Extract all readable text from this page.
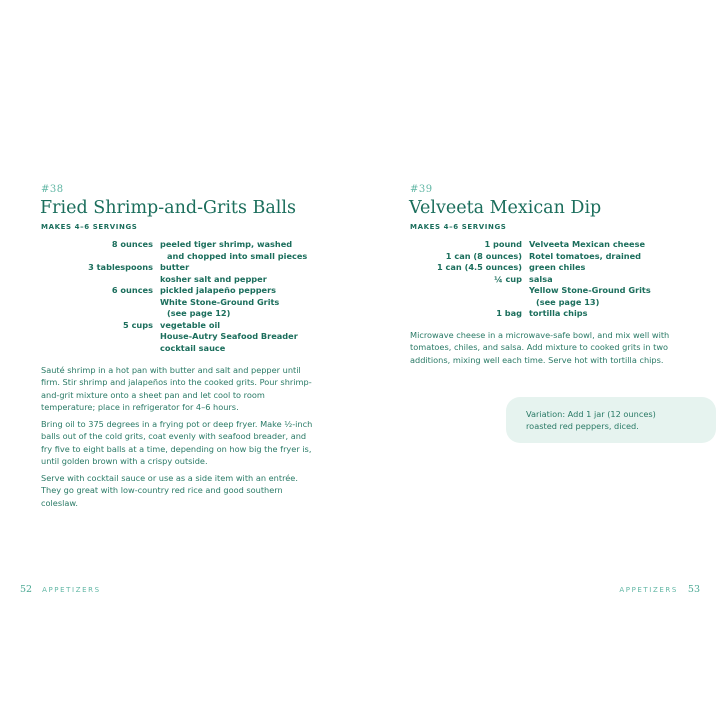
#38
Fried Shrimp-and-Grits Balls
MAKES 4–6 SERVINGS
8 ounces peeled tiger shrimp, washed
and chopped into small pieces
3 tablespoons butter
kosher salt and pepper
6 ounces pickled jalapeño peppers
White Stone-Ground Grits
(see page 12)
5 cups vegetable oil
House-Autry Seafood Breader
cocktail sauce

Sauté shrimp in a hot pan with butter and salt and pepper until firm. Stir shrimp and jalapeños into the cooked grits. Pour shrimp-and-grit mixture onto a sheet pan and let cool to room temperature; place in refrigerator for 4–6 hours.

Bring oil to 375 degrees in a frying pot or deep fryer. Make ½-inch balls out of the cold grits, coat evenly with seafood breader, and fry five to eight balls at a time, depending on how big the fryer is, until golden brown with a crispy outside.

Serve with cocktail sauce or use as a side item with an entrée. They go great with low-country red rice and good southern coleslaw.

52 APPETIZERS
#39
Velveeta Mexican Dip
MAKES 4–6 SERVINGS
1 pound Velveeta Mexican cheese
1 can (8 ounces) Rotel tomatoes, drained
1 can (4.5 ounces) green chiles
¼ cup salsa
Yellow Stone-Ground Grits
(see page 13)
1 bag tortilla chips

Microwave cheese in a microwave-safe bowl, and mix well with tomatoes, chiles, and salsa. Add mixture to cooked grits in two additions, mixing well each time. Serve hot with tortilla chips.

Variation: Add 1 jar (12 ounces) roasted red peppers, diced.
APPETIZERS 53
